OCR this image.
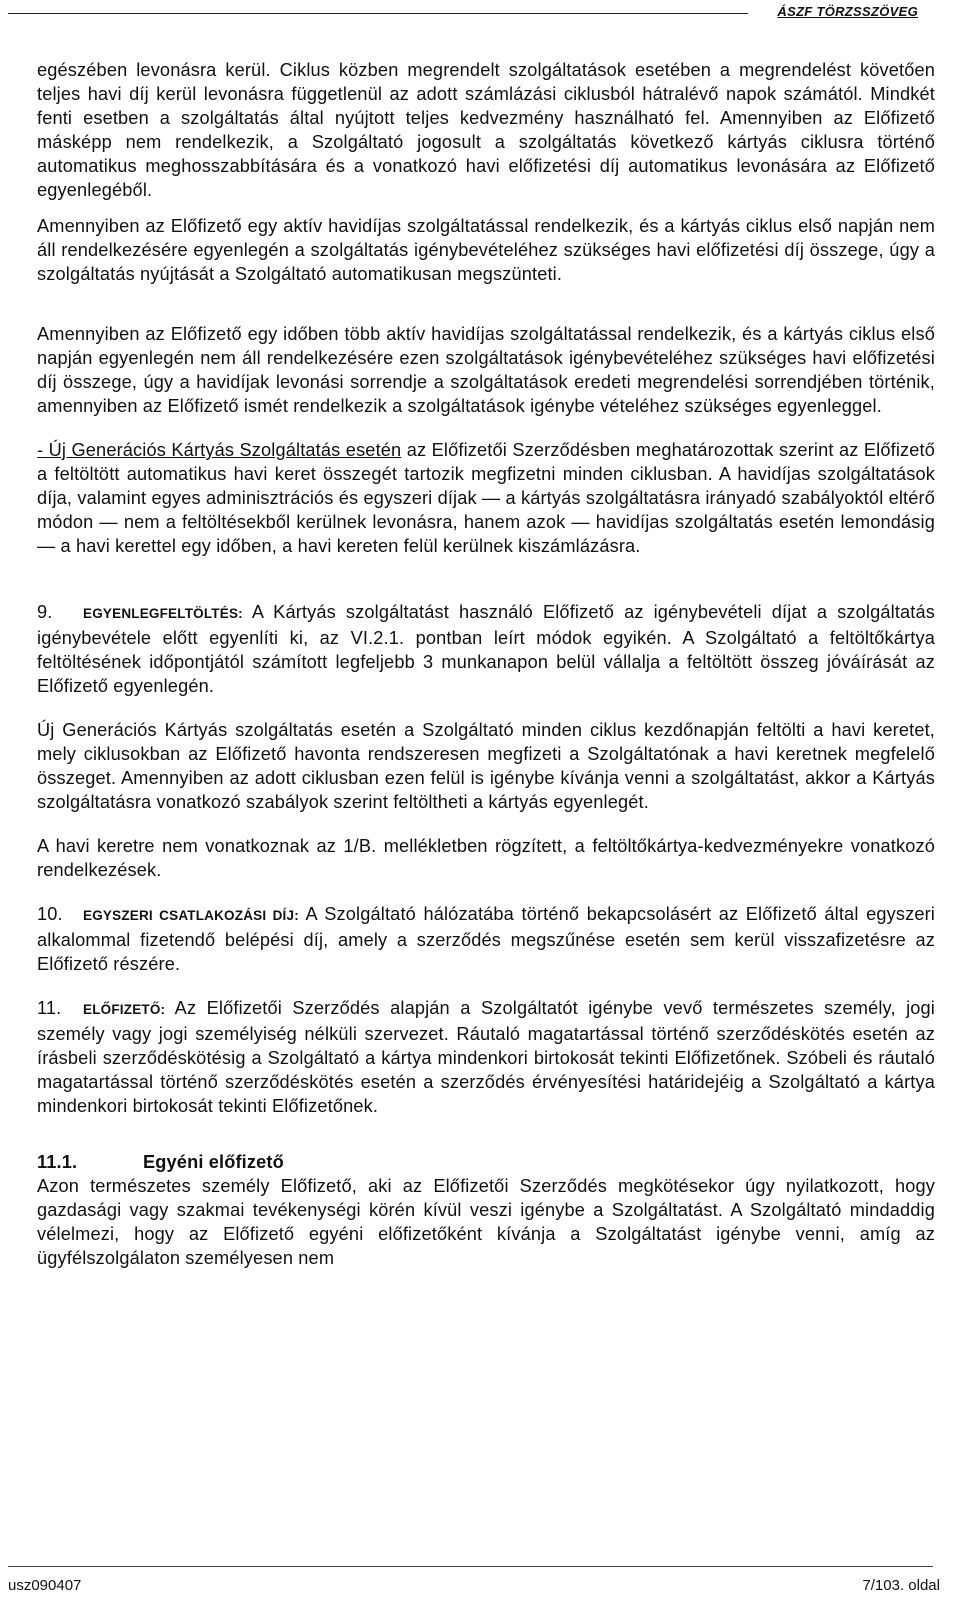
ÁSZF TÖRZSSZÖVEG

egészében levonásra kerül. Ciklus közben megrendelt szolgáltatások esetében a megrendelést követően teljes havi díj kerül levonásra függetlenül az adott számlázási ciklusból hátralévő napok számától. Mindkét fenti esetben a szolgáltatás által nyújtott teljes kedvezmény használható fel. Amennyiben az Előfizető másképp nem rendelkezik, a Szolgáltató jogosult a szolgáltatás következő kártyás ciklusra történő automatikus meghosszabbítására és a vonatkozó havi előfizetési díj automatikus levonására az Előfizető egyenlegéből.

Amennyiben az Előfizető egy aktív havidíjas szolgáltatással rendelkezik, és a kártyás ciklus első napján nem áll rendelkezésére egyenlegén a szolgáltatás igénybevételéhez szükséges havi előfizetési díj összege, úgy a szolgáltatás nyújtását a Szolgáltató automatikusan megszünteti.

Amennyiben az Előfizető egy időben több aktív havidíjas szolgáltatással rendelkezik, és a kártyás ciklus első napján egyenlegén nem áll rendelkezésére ezen szolgáltatások igénybevételéhez szükséges havi előfizetési díj összege, úgy a havidíjak levonási sorrendje a szolgáltatások eredeti megrendelési sorrendjében történik, amennyiben az Előfizető ismét rendelkezik a szolgáltatások igénybe vételéhez szükséges egyenleggel.

- Új Generációs Kártyás Szolgáltatás esetén az Előfizetői Szerződésben meghatározottak szerint az Előfizető a feltöltött automatikus havi keret összegét tartozik megfizetni minden ciklusban. A havidíjas szolgáltatások díja, valamint egyes adminisztrációs és egyszeri díjak — a kártyás szolgáltatásra irányadó szabályoktól eltérő módon — nem a feltöltésekből kerülnek levonásra, hanem azok — havidíjas szolgáltatás esetén lemondásig — a havi kerettel egy időben, a havi kereten felül kerülnek kiszámlázásra.

9. EGYENLEGFELTÖLTÉS: A Kártyás szolgáltatást használó Előfizető az igénybevételi díjat a szolgáltatás igénybevétele előtt egyenlíti ki, az VI.2.1. pontban leírt módok egyikén. A Szolgáltató a feltöltőkártya feltöltésének időpontjától számított legfeljebb 3 munkanapon belül vállalja a feltöltött összeg jóváírását az Előfizető egyenlegén.

Új Generációs Kártyás szolgáltatás esetén a Szolgáltató minden ciklus kezdőnapján feltölti a havi keretet, mely ciklusokban az Előfizető havonta rendszeresen megfizeti a Szolgáltatónak a havi keretnek megfelelő összeget. Amennyiben az adott ciklusban ezen felül is igénybe kívánja venni a szolgáltatást, akkor a Kártyás szolgáltatásra vonatkozó szabályok szerint feltöltheti a kártyás egyenlegét.

A havi keretre nem vonatkoznak az 1/B. mellékletben rögzített, a feltöltőkártya-kedvezményekre vonatkozó rendelkezések.

10. EGYSZERI CSATLAKOZÁSI DÍJ: A Szolgáltató hálózatába történő bekapcsolásért az Előfizető által egyszeri alkalommal fizetendő belépési díj, amely a szerződés megszűnése esetén sem kerül visszafizetésre az Előfizető részére.

11. ELŐFIZETŐ: Az Előfizetői Szerződés alapján a Szolgáltatót igénybe vevő természetes személy, jogi személy vagy jogi személyiség nélküli szervezet. Ráutaló magatartással történő szerződéskötés esetén az írásbeli szerződéskötésig a Szolgáltató a kártya mindenkori birtokosát tekinti Előfizetőnek. Szóbeli és ráutaló magatartással történő szerződéskötés esetén a szerződés érvényesítési határidejéig a Szolgáltató a kártya mindenkori birtokosát tekinti Előfizetőnek.

11.1.	Egyéni előfizető

Azon természetes személy Előfizető, aki az Előfizetői Szerződés megkötésekor úgy nyilatkozott, hogy gazdasági vagy szakmai tevékenységi körén kívül veszi igénybe a Szolgáltatást. A Szolgáltató mindaddig vélelmezi, hogy az Előfizető egyéni előfizetőként kívánja a Szolgáltatást igénybe venni, amíg az ügyfélszolgálaton személyesen nem

usz090407	7/103. oldal
